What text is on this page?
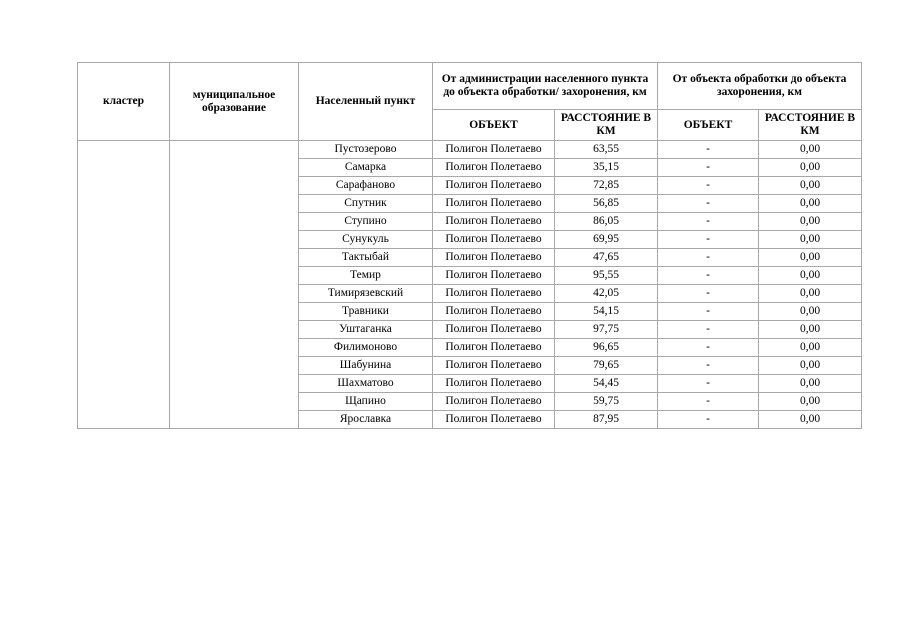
кластер	муниципальное образование	Населенный пункт	От администрации населенного пункта до объекта обработки/ захоронения, км		От объекта обработки до объекта захоронения, км	
			ОБЪЕКТ	РАССТОЯНИЕ В КМ	ОБЪЕКТ	РАССТОЯНИЕ В КМ
		Пустозерово	Полигон Полетаево	63,55	-	0,00
		Самарка	Полигон Полетаево	35,15	-	0,00
		Сарафаново	Полигон Полетаево	72,85	-	0,00
		Спутник	Полигон Полетаево	56,85	-	0,00
		Ступино	Полигон Полетаево	86,05	-	0,00
		Сунукуль	Полигон Полетаево	69,95	-	0,00
		Тактыбай	Полигон Полетаево	47,65	-	0,00
		Темир	Полигон Полетаево	95,55	-	0,00
		Тимирязевский	Полигон Полетаево	42,05	-	0,00
		Травники	Полигон Полетаево	54,15	-	0,00
		Уштаганка	Полигон Полетаево	97,75	-	0,00
		Филимоново	Полигон Полетаево	96,65	-	0,00
		Шабунина	Полигон Полетаево	79,65	-	0,00
		Шахматово	Полигон Полетаево	54,45	-	0,00
		Щапино	Полигон Полетаево	59,75	-	0,00
		Ярославка	Полигон Полетаево	87,95	-	0,00
